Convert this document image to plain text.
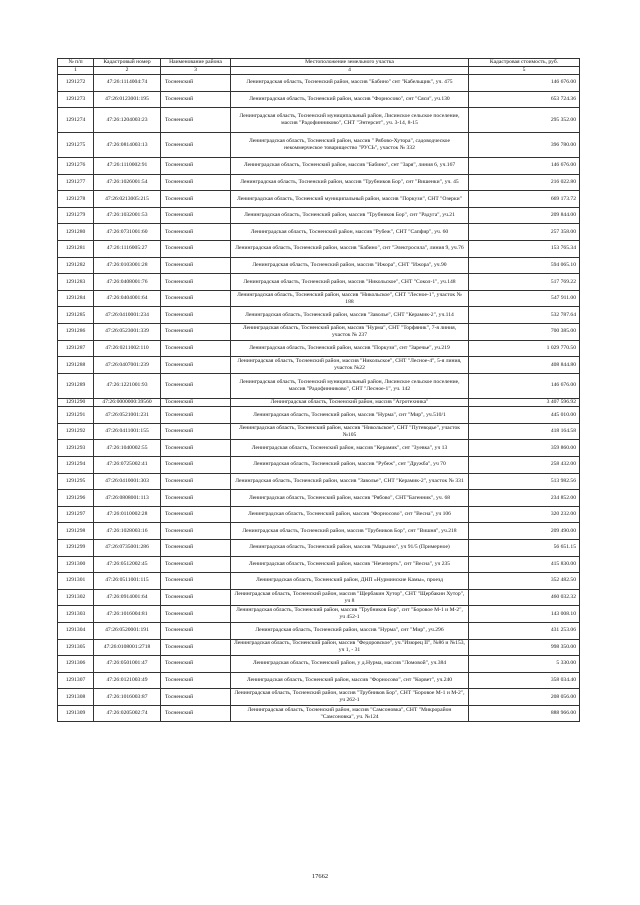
№ п/п	Кадастровый номер	Наименование района	Местоположение земельного участка	Кадастровая стоимость, руб.
1	2	3	4	5
1291272	47:26:1114004:74	Тосненский	Ленинградская область, Тосненский район, массив "Бабино" снт "Кабельщик", уч. 475	146 676.00
1291273	47:26:0123001:195	Тосненский	Ленинградская область, Тосненский район, массив "Форносово", снт "Сяси", уч.130	653 724.36
1291274	47:26:1204003:23	Тосненский	Ленинградская область, Тосненский муниципальный район, Лисинское сельское поселение, массив "Радофинниково", СНТ "Энтерсит", уч. 3-14, 8-15	295 352.00
1291275	47:26:0814003:13	Тосненский	Ленинградская область, Тосненский район, массив " Рябово-Хутора", садоводческое некоммерческое товарищество "РУСЬ", участок № 332	396 780.00
1291276	47:26:1110002:91	Тосненский	Ленинградская область, Тосненский район, массив "Бабино", снт "Заря", линия 6, уч.167	146 676.00
1291277	47:26:1026001:54	Тосненский	Ленинградская область, Тосненский район, массив "Трубников Бор", снт "Вишенки", уч. 45	216 022.80
1291278	47:26:0213005:215	Тосненский	Ленинградская область, Тосненский муниципальный район, массив "Поркузи", СНТ "Озерки"	669 173.72
1291279	47:26:1032001:53	Тосненский	Ленинградская область, Тосненский район, массив "Трубников Бор", снт "Радуга", уч.21	209 844.00
1291280	47:26:0731001:60	Тосненский	Ленинградская область, Тосненский район, массив "Рубеж", СНТ "Сапфир", уч. 60	257 358.00
1291281	47:26:1116005:27	Тосненский	Ленинградская область, Тосненский район, массив "Бабино", снт "Электросила", линия 9, уч.76	153 765.34
1291282	47:26:0103001:28	Тосненский	Ленинградская область, Тосненский район, массив "Ижора", СНТ "Ижора", уч.90	594 065.10
1291283	47:26:0408001:76	Тосненский	Ленинградская область, Тосненский район, массив "Никольское", СНТ "Сокол-1", уч.148	517 769.22
1291284	47:26:0404001:64	Тосненский	Ленинградская область, Тосненский район, массив "Никольское", СНТ "Лесное-1", участок № 188	547 911.00
1291285	47:26:0410001:234	Тосненский	Ленинградская область, Тосненский район, массив "Заволье", СНТ "Керамик-2", уч.114	532 787.64
1291286	47:26:0523001:339	Тосненский	Ленинградская область, Тосненский район, массив "Нурма", СНТ "Торфяник", 7-я линия, участок № 237	700 385.00
1291287	47:26:0211002:110	Тосненский	Ленинградская область, Тосненский район, массив "Поркузи", снт "Заречье", уч.219	1 029 770.50
1291288	47:26:0407001:239	Тосненский	Ленинградская область, Тосненский район, массив "Никольское", СНТ "Лесное-4", 5-я линия, участок №22	408 844.80
1291289	47:26:1221001:93	Тосненский	Ленинградская область, Тосненский муниципальный район, Лисинское сельское поселение, массив "Радофинниково", СНТ "Лесное-1", уч. 142	146 676.00
1291290	47:26:0000000:39560	Тосненский	Ленинградская область, Тосненский район, массив "Агротехника"	3 407 596.92
1291291	47:26:0521001:231	Тосненский	Ленинградская область, Тосненский район, массив "Нурма", снт "Мир", уч.510/1	445 010.00
1291292	47:26:0411001:155	Тосненский	Ленинградская область, Тосненский район, массив "Никольское", СНТ "Путеводье", участок №105	418 164.58
1291293	47:26:1040002:55	Тосненский	Ленинградская область, Тосненский район, массив "Керамик", снт "Зуевка", уч 13	359 860.00
1291294	47:26:0725002:41	Тосненский	Ленинградская область, Тосненский район, массив "Рубеж", снт "Дружба", уч 70	258 432.00
1291295	47:26:0410001:303	Тосненский	Ленинградская область, Тосненский район, массив "Заволье", СНТ "Керамик-2", участок № 331	513 982.56
1291296	47:26:0808001:113	Тосненский	Ленинградская область, Тосненский район, массив "Рябово", СНТ"Багенник", уч. 68	234 852.00
1291297	47:26:0110002:28	Тосненский	Ленинградская область, Тосненский район, массив "Форносово", снт "Весна", уч 106	320 232.00
1291298	47:26:1028003:16	Тосненский	Ленинградская область, Тосненский район, массив "Трубников Бор", снт "Вишня", уч.218	209 490.00
1291299	47:26:0735001:286	Тосненский	Ленинградская область, Тосненский район, массив "Марьино", уч 91/5 (Примерное)	56 651.15
1291300	47:26:0512002:45	Тосненский	Ленинградская область, Тосненский район, массив "Нечеперть", снт "Весна", уч 235	415 830.00
1291301	47:26:0511001:115	Тосненский	Ленинградская область, Тосненский район, ДНП «Нурминские Камы», проезд	352 482.50
1291302	47:26:0914001:64	Тосненский	Ленинградская область, Тосненский район, массив "Щербакин Хутор", СНТ "Щербакин Хутор", уч 8	460 032.32
1291303	47:26:1016004:81	Тосненский	Ленинградская область, Тосненский район, массив "Трубников Бор", снт "Боровое М-1 и М-2", уч 452-1	143 008.10
1291304	47:26:0520001:191	Тосненский	Ленинградская область, Тосненский район, массив "Нурма", снт "Мир", уч.296	431 253.06
1291305	47:26:0108001:2718	Тосненский	Ленинградская область, Тосненский район, массив "Федоровское", уч."Изюрец II", №86 и №153, уч 1, - 31	998 350.00
1291306	47:26:0501001:47	Тосненский	Ленинградская область, Тосненский район, у д.Нурма, массив "Ломовой", уч.384	5 330.00
1291307	47:26:0121003:49	Тосненский	Ленинградская область, Тосненский район, массив "Форносово", снт "Корвет", уч.240	358 034.40
1291308	47:26:1016003:87	Тосненский	Ленинградская область, Тосненский район, массив "Трубников Бор", СНТ "Боровое М-1 и М-2", уч 262-1	208 056.00
1291309	47:26:0205002:74	Тосненский	Ленинградская область, Тосненский район, массив "Самсоновка", СНТ "Микрорайон "Самсоновка", уч. №124	888 966.00
17662
